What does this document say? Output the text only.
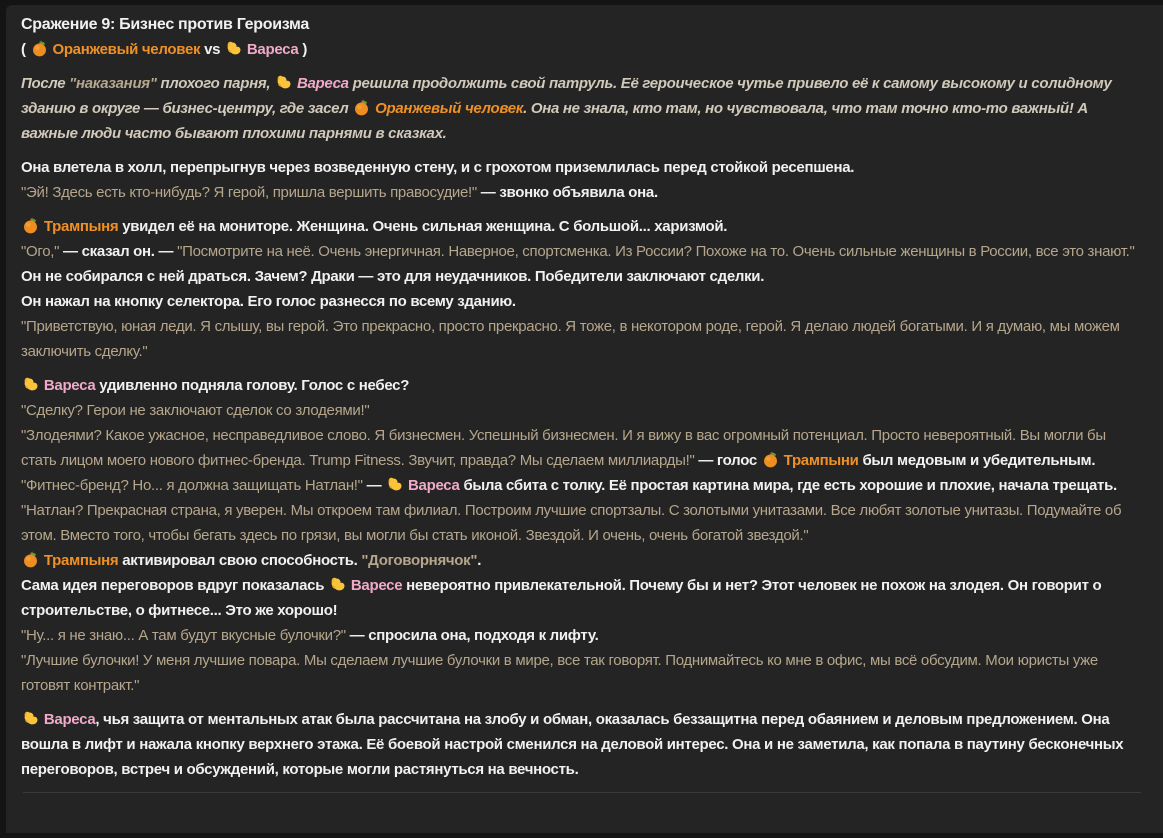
Сражение 9: Бизнес против Героизма

(
Оранжевый человек vs
Вареса )

После "наказания" плохого парня,
Вареса решила продолжить свой патруль. Её героическое чутье привело её к самому высокому и солидному зданию в округе — бизнес-центру, где засел
Оранжевый человек. Она не знала, кто там, но чувствовала, что там точно кто-то важный! А важные люди часто бывают плохими парнями в сказках.

Она влетела в холл, перепрыгнув через возведенную стену, и с грохотом приземлилась перед стойкой ресепшена.

"Эй! Здесь есть кто-нибудь? Я герой, пришла вершить правосудие!" — звонко объявила она.

Трампыня увидел её на мониторе. Женщина. Очень сильная женщина. С большой... харизмой.

"Ого," — сказал он. — "Посмотрите на неё. Очень энергичная. Наверное, спортсменка. Из России? Похоже на то. Очень сильные женщины в России, все это знают."

Он не собирался с ней драться. Зачем? Драки — это для неудачников. Победители заключают сделки.

Он нажал на кнопку селектора. Его голос разнесся по всему зданию.

"Приветствую, юная леди. Я слышу, вы герой. Это прекрасно, просто прекрасно. Я тоже, в некотором роде, герой. Я делаю людей богатыми. И я думаю, мы можем заключить сделку."

Вареса удивленно подняла голову. Голос с небес?

"Сделку? Герои не заключают сделок со злодеями!"

"Злодеями? Какое ужасное, несправедливое слово. Я бизнесмен. Успешный бизнесмен. И я вижу в вас огромный потенциал. Просто невероятный. Вы могли бы стать лицом моего нового фитнес-бренда. Trump Fitness. Звучит, правда? Мы сделаем миллиарды!" — голос
Трампыни был медовым и убедительным.

"Фитнес-бренд? Но... я должна защищать Натлан!" —
Вареса была сбита с толку. Её простая картина мира, где есть хорошие и плохие, начала трещать.

"Натлан? Прекрасная страна, я уверен. Мы откроем там филиал. Построим лучшие спортзалы. С золотыми унитазами. Все любят золотые унитазы. Подумайте об этом. Вместо того, чтобы бегать здесь по грязи, вы могли бы стать иконой. Звездой. И очень, очень богатой звездой."

Трампыня активировал свою способность. "Договорнячок".

Сама идея переговоров вдруг показалась
Варесе невероятно привлекательной. Почему бы и нет? Этот человек не похож на злодея. Он говорит о строительстве, о фитнесе... Это же хорошо!

"Ну... я не знаю... А там будут вкусные булочки?" — спросила она, подходя к лифту.

"Лучшие булочки! У меня лучшие повара. Мы сделаем лучшие булочки в мире, все так говорят. Поднимайтесь ко мне в офис, мы всё обсудим. Мои юристы уже готовят контракт."

Вареса, чья защита от ментальных атак была рассчитана на злобу и обман, оказалась беззащитна перед обаянием и деловым предложением. Она вошла в лифт и нажала кнопку верхнего этажа. Её боевой настрой сменился на деловой интерес. Она и не заметила, как попала в паутину бесконечных переговоров, встреч и обсуждений, которые могли растянуться на вечность.
